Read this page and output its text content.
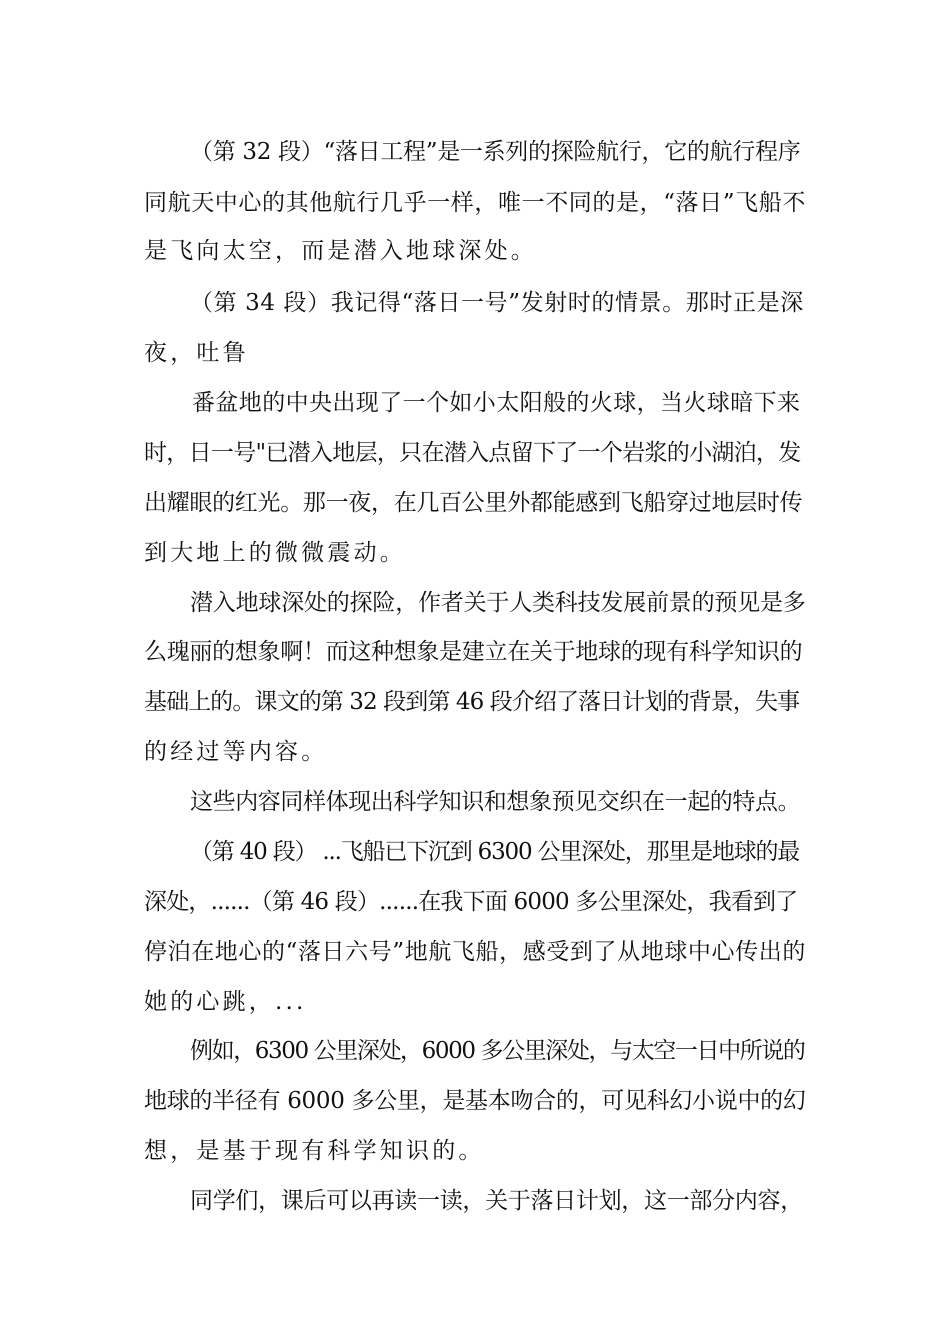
（第 32 段）“落日工程”是一系列的探险航行，它的航行程序
同航天中心的其他航行几乎一样，唯一不同的是，“落日”飞船不
是飞向太空，而是潜入地球深处。
（第 34 段）我记得“落日一号”发射时的情景。那时正是深
夜，吐鲁
番盆地的中央出现了一个如小太阳般的火球，当火球暗下来
时，日一号"已潜入地层，只在潜入点留下了一个岩浆的小湖泊，发
出耀眼的红光。那一夜，在几百公里外都能感到飞船穿过地层时传
到大地上的微微震动。
潜入地球深处的探险，作者关于人类科技发展前景的预见是多
么瑰丽的想象啊！而这种想象是建立在关于地球的现有科学知识的
基础上的。课文的第 32 段到第 46 段介绍了落日计划的背景，失事
的经过等内容。
这些内容同样体现出科学知识和想象预见交织在一起的特点。
（第 40 段） ...飞船已下沉到 6300 公里深处，那里是地球的最
深处，......（第 46 段）......在我下面 6000 多公里深处，我看到了
停泊在地心的“落日六号”地航飞船，感受到了从地球中心传出的
她的心跳，...
例如，6300 公里深处，6000 多公里深处，与太空一日中所说的
地球的半径有 6000 多公里，是基本吻合的，可见科幻小说中的幻
想，是基于现有科学知识的。
同学们，课后可以再读一读，关于落日计划，这一部分内容，
